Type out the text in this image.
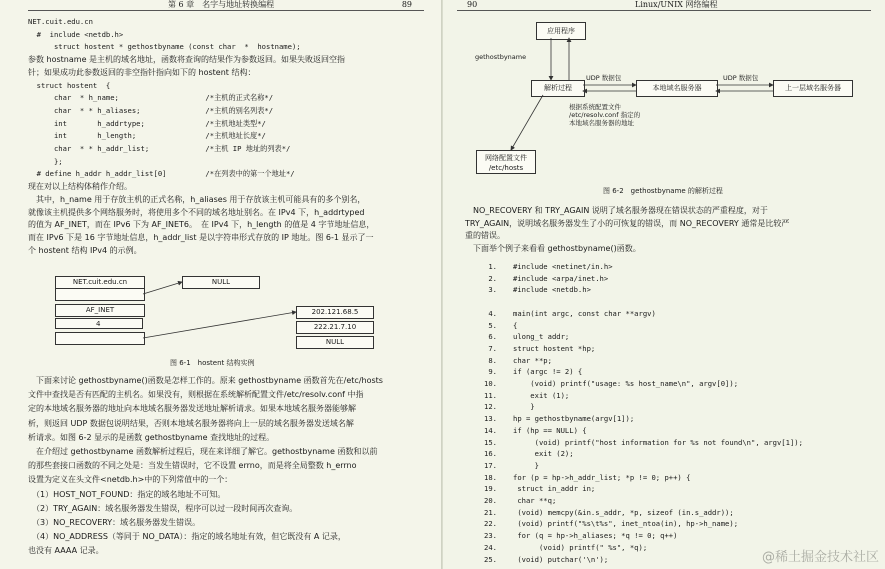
第 6 章　名字与地址转换编程	89
NET.cuit.edu.cn
#  include <netdb.h>
struct hostent * gethostbyname (const char  *  hostname);
参数 hostname 是主机的域名地址，函数将查询的结果作为参数返回。如果失败返回空指
针；如果成功此参数返回的非空指针指向如下的 hostent 结构：
struct hostent  {
char  * h_name;                    /*主机的正式名称*/
char  * * h_aliases;               /*主机的别名列表*/
int       h_addrtype;              /*主机地址类型*/
int       h_length;                /*主机地址长度*/
char  * * h_addr_list;             /*主机 IP 地址的列表*/
};
# define h_addr h_addr_list[0]         /*在列表中的第一个地址*/
现在对以上结构体稍作介绍。
　其中，h_name 用于存放主机的正式名称，h_aliases 用于存放该主机可能具有的多个别名，
就像该主机提供多个网络服务时，将使用多个不同的域名地址别名。在 IPv4 下，h_addrtyped
的值为 AF_INET，而在 IPv6 下为 AF_INET6。　在 IPv4 下，h_length 的值是 4 字节地址信息，
而在 IPv6 下是 16 字节地址信息，h_addr_list 是以字符串形式存放的 IP 地址。图 6-1 显示了一
个 hostent 结构 IPv4 的示例。
NET.cuit.edu.cn
AF_INET
4
NULL
202.121.68.5
222.21.7.10
NULL
图 6-1　hostent 结构实例
　下面来讨论 gethostbyname()函数是怎样工作的。原来 gethostbyname 函数首先在/etc/hosts
文件中查找是否有匹配的主机名。如果没有，则根据在系统解析配置文件/etc/resolv.conf 中指
定的本地域名服务器的地址向本地域名服务器发送地址解析请求。如果本地域名服务器能够解
析，则返回 UDP 数据包说明结果，否则本地域名服务器将向上一层的域名服务器发送域名解
析请求。如图 6-2 显示的是函数 gethostbyname 查找地址的过程。
　在介绍过 gethostbyname 函数解析过程后，现在来详细了解它。gethostbyname 函数和以前
的那些套接口函数的不同之处是：当发生错误时，它不设置 errno，而是将全局整数 h_errno
设置为定义在头文件<netdb.h>中的下列常值中的一个：
　（1）HOST_NOT_FOUND：指定的域名地址不可知。
　（2）TRY_AGAIN：域名服务器发生错误，程序可以过一段时间再次查询。
　（3）NO_RECOVERY：域名服务器发生错误。
　（4）NO_ADDRESS（等同于 NO_DATA）：指定的域名地址有效，但它既没有 A 记录，
也没有 AAAA 记录。
90	Linux/UNIX 网络编程
应用程序
gethostbyname
解析过程
UDP 数据包
本地域名服务器
UDP 数据包
上一层域名服务器
根据系统配置文件
/etc/resolv.conf 指定的
本地域名服务器的地址
网络配置文件
/etc/hosts
图 6-2　gethostbyname 的解析过程
　NO_RECOVERY 和 TRY_AGAIN 说明了域名服务器现在错误状态的严重程度，对于
TRY_AGAIN，说明域名服务器发生了小的可恢复的错误，而 NO_RECOVERY 通常是比较严
重的错误。
　下面举个例子来看看 gethostbyname()函数。
1. #include <netinet/in.h>
2. #include <arpa/inet.h>
3. #include <netdb.h>
4. main(int argc, const char **argv)
5. {
6. ulong_t addr;
7. struct hostent *hp;
8. char **p;
9. if (argc != 2) {
10. (void) printf("usage: %s host_name\n", argv[0]);
11. exit (1);
12. }
13. hp = gethostbyname(argv[1]);
14. if (hp == NULL) {
15. (void) printf("host information for %s not found\n", argv[1]);
16. exit (2);
17. }
18. for (p = hp->h_addr_list; *p != 0; p++) {
19. struct in_addr in;
20. char **q;
21. (void) memcpy(&in.s_addr, *p, sizeof (in.s_addr));
22. (void) printf("%s\t%s", inet_ntoa(in), hp->h_name);
23. for (q = hp->h_aliases; *q != 0; q++)
24. (void) printf(" %s", *q);
25. (void) putchar('\n');	@稀土掘金技术社区
